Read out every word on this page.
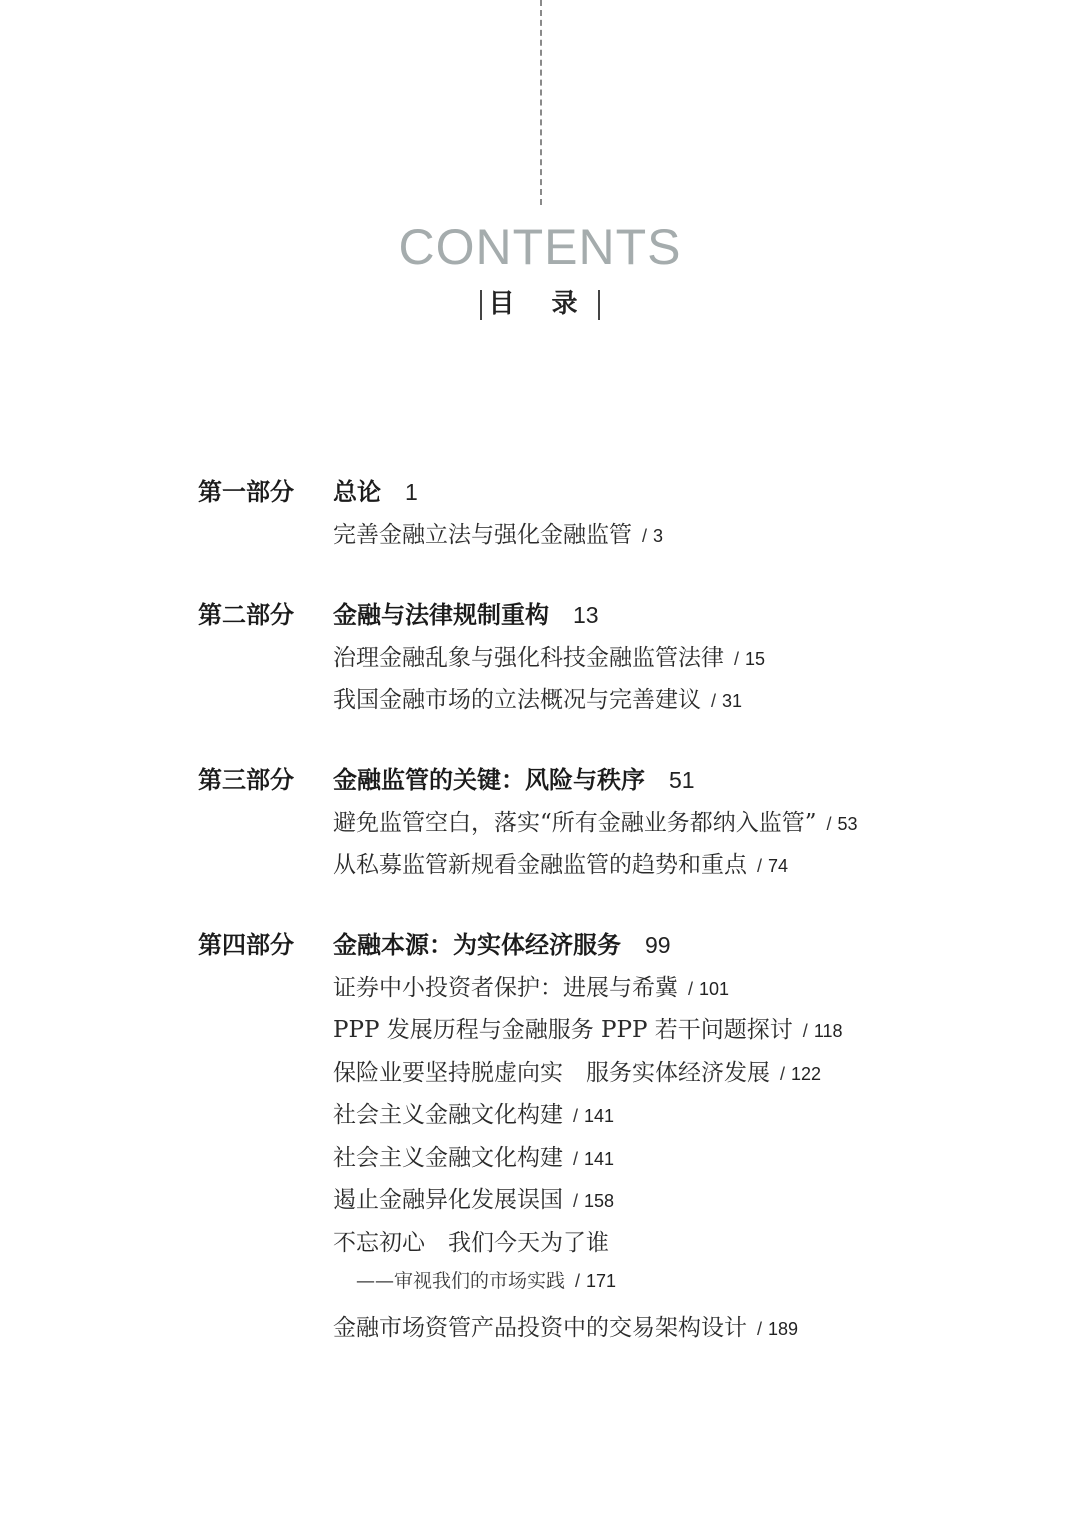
CONTENTS
目 录
第一部分	总论 1
完善金融立法与强化金融监管 / 3
第二部分	金融与法律规制重构 13
治理金融乱象与强化科技金融监管法律 / 15
我国金融市场的立法概况与完善建议 / 31
第三部分	金融监管的关键：风险与秩序 51
避免监管空白，落实“所有金融业务都纳入监管” / 53
从私募监管新规看金融监管的趋势和重点 / 74
第四部分	金融本源：为实体经济服务 99
证券中小投资者保护：进展与希冀 / 101
PPP 发展历程与金融服务 PPP 若干问题探讨 / 118
保险业要坚持脱虚向实　服务实体经济发展 / 122
社会主义金融文化构建 / 141
社会主义金融文化构建 / 141
遏止金融异化发展误国 / 158
不忘初心　我们今天为了谁
——审视我们的市场实践 / 171
金融市场资管产品投资中的交易架构设计 / 189
